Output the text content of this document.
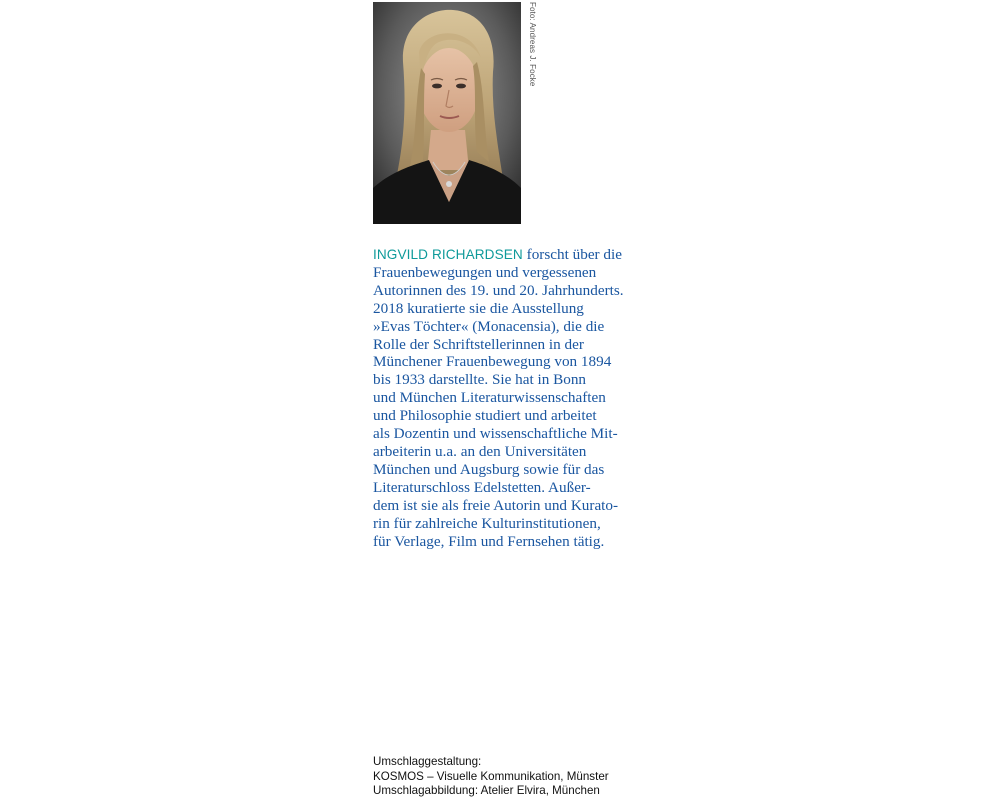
Foto: Andreas J. Focke
INGVILD RICHARDSEN forscht über die
Frauenbewegungen und vergessenen
Autorinnen des 19. und 20. Jahrhunderts.
2018 kuratierte sie die Ausstellung
»Evas Töchter« (Monacensia), die die
Rolle der Schriftstellerinnen in der
Münchener Frauenbewegung von 1894
bis 1933 darstellte. Sie hat in Bonn
und München Literaturwissenschaften
und Philosophie studiert und arbeitet
als Dozentin und wissenschaftliche Mit-
arbeiterin u.a. an den Universitäten
München und Augsburg sowie für das
Literaturschloss Edelstetten. Außer-
dem ist sie als freie Autorin und Kurato-
rin für zahlreiche Kulturinstitutionen,
für Verlage, Film und Fernsehen tätig.
Umschlaggestaltung:
KOSMOS – Visuelle Kommunikation, Münster
Umschlagabbildung: Atelier Elvira, München
